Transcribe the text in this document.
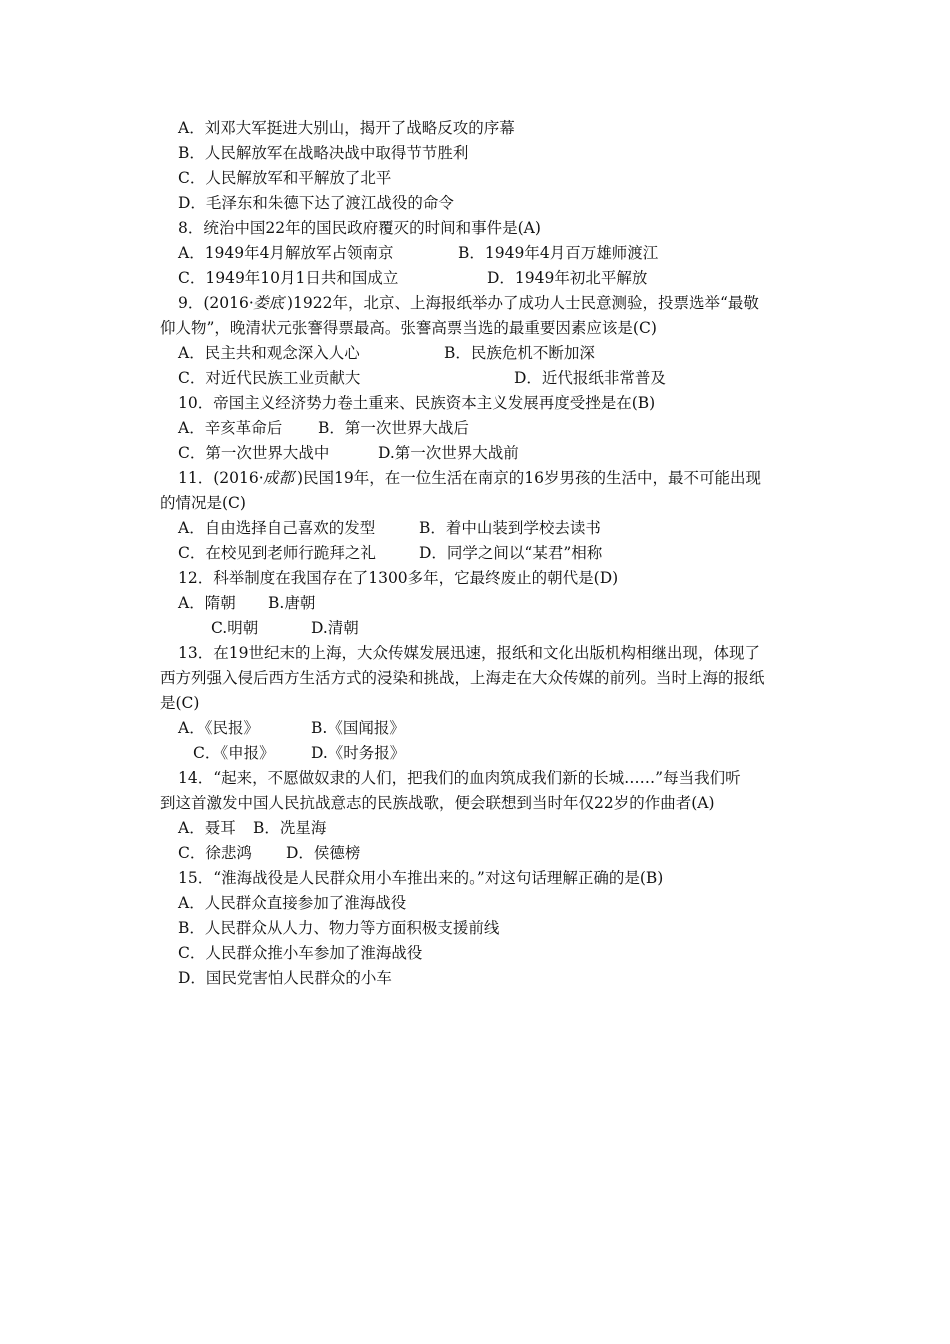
A．刘邓大军挺进大别山，揭开了战略反攻的序幕
B．人民解放军在战略决战中取得节节胜利
C．人民解放军和平解放了北平
D．毛泽东和朱德下达了渡江战役的命令
8．统治中国22年的国民政府覆灭的时间和事件是(A)
A．1949年4月解放军占领南京	B．1949年4月百万雄师渡江
C．1949年10月1日共和国成立	D．1949年初北平解放
9．(2016· 娄底 )1922年，北京、上海报纸举办了成功人士民意测验，投票选举“最敬
仰人物”，晚清状元张謇得票最高。张謇高票当选的最重要因素应该是(C)
A．民主共和观念深入人心	B．民族危机不断加深
C．对近代民族工业贡献大	D．近代报纸非常普及
10．帝国主义经济势力卷土重来、民族资本主义发展再度受挫是在(B)
A．辛亥革命后 B．第一次世界大战后
C．第一次世界大战中	D.第一次世界大战前
11．(2016· 成都 )民国19年，在一位生活在南京的16岁男孩的生活中，最不可能出现
的情况是(C)
A．自由选择自己喜欢的发型	B．着中山装到学校去读书
C．在校见到老师行跪拜之礼	D．同学之间以“某君”相称
12．科举制度在我国存在了1300多年，它最终废止的朝代是(D)
A．隋朝 B.唐朝
C.明朝	D.清朝
13．在19世纪末的上海，大众传媒发展迅速，报纸和文化出版机构相继出现，体现了
西方列强入侵后西方生活方式的浸染和挑战，上海走在大众传媒的前列。当时上海的报纸
是(C)
A．《民报》	B.《国闻报》
C．《申报》 D.《时务报》
14．“起来，不愿做奴隶的人们，把我们的血肉筑成我们新的长城……”每当我们听
到这首激发中国人民抗战意志的民族战歌，便会联想到当时年仅22岁的作曲者(A)
A．聂耳 B．冼星海
C．徐悲鸿 D．侯德榜
15．“淮海战役是人民群众用小车推出来的。”对这句话理解正确的是(B)
A．人民群众直接参加了淮海战役
B．人民群众从人力、物力等方面积极支援前线
C．人民群众推小车参加了淮海战役
D．国民党害怕人民群众的小车
